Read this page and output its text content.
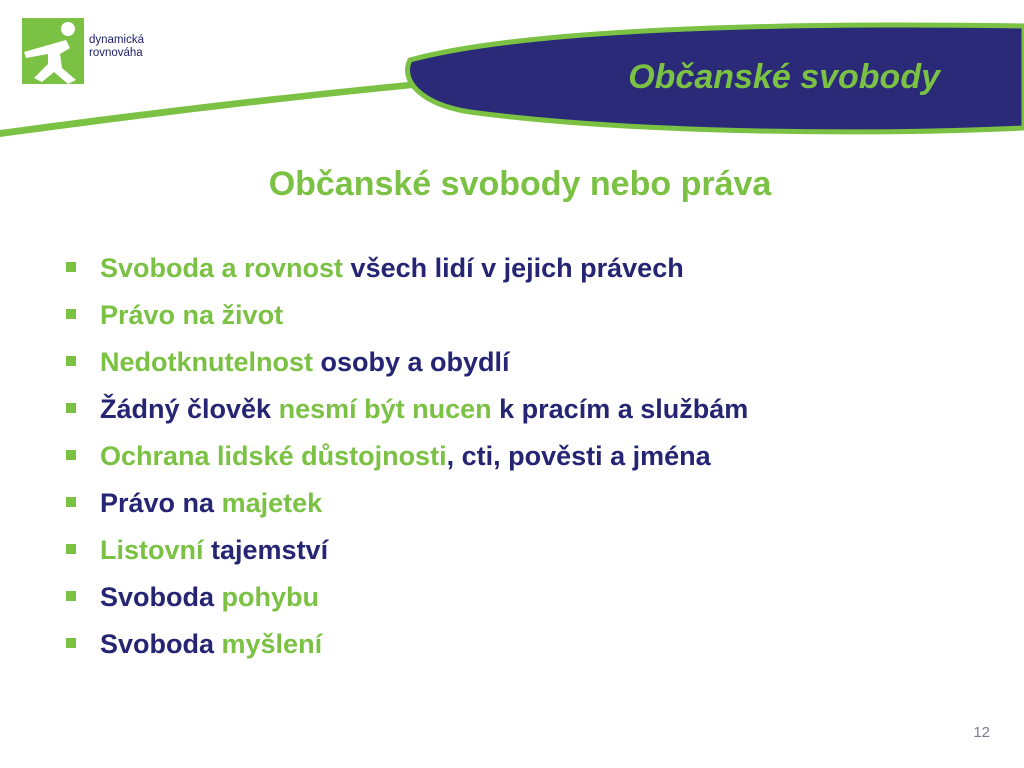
dynamická
rovnováha
Občanské svobody
Občanské svobody nebo práva
Svoboda a rovnost všech lidí v jejich právech
Právo na život
Nedotknutelnost osoby a obydlí
Žádný člověk nesmí být nucen k pracím a službám
Ochrana lidské důstojnosti, cti, pověsti a jména
Právo na majetek
Listovní tajemství
Svoboda pohybu
Svoboda myšlení
12
